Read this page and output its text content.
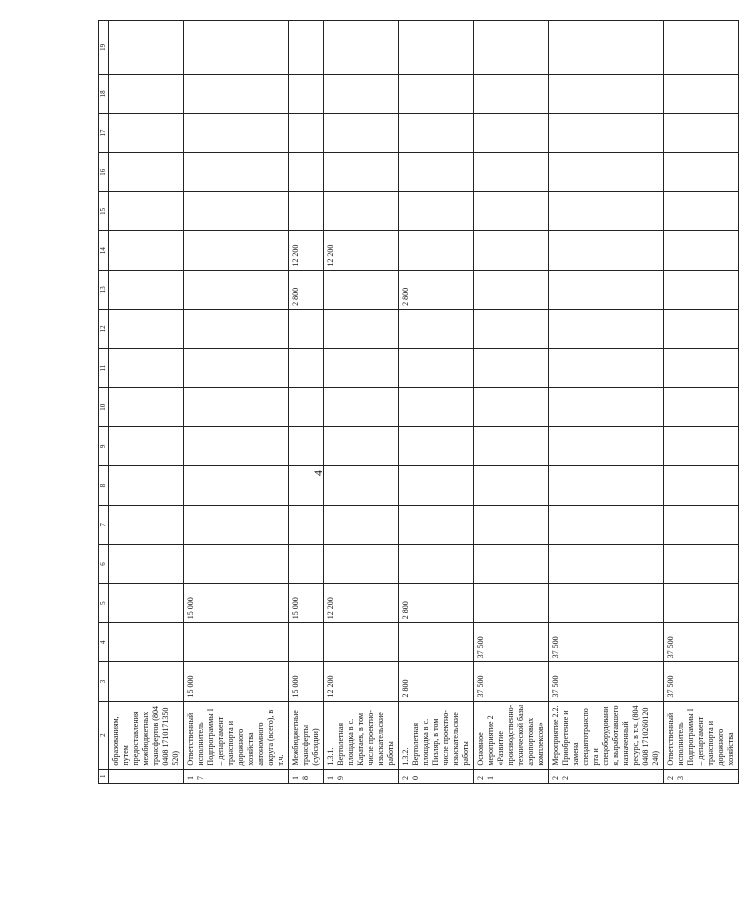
4
1	2	3	4	5	6	7	8	9	10	11	12	13	14	15	16	17	18	19
	образованиям, путем предоставления межбюджетных трансфертов (804 0408 1710171350 520)																	
17	Ответственный исполнитель Подпрограммы I – департамент транспорта и дорожного хозяйства автономного округа (всего), в т.ч.	15 000		15 000														
18	Межбюджетные трансферты (субсидии)	15 000		15 000								2 800	12 200					
19	1.3.1. Вертолетная площадка в с. Каратаев, в том числе проектно-изыскательские работы	12 200		12 200									12 200					
20	1.3.2. Вертолетная площадка в с. Пизляр, в том числе проектно-изыскательские работы	2 800		2 800								2 800						
21	Основное мероприятие 2 «Развитие производственно-технической базы аэропортовых комплексов»	37 500	37 500															
22	Мероприятие 2.2. Приобретение и замена спецавтотранспорта и спецоборудования, выработавшего назначенный ресурс, в т.ч. (804 0408 1710260120 240)	37 500	37 500															
23	Ответственный исполнитель Подпрограммы I – департамент транспорта и дорожного хозяйства	37 500	37 500															
